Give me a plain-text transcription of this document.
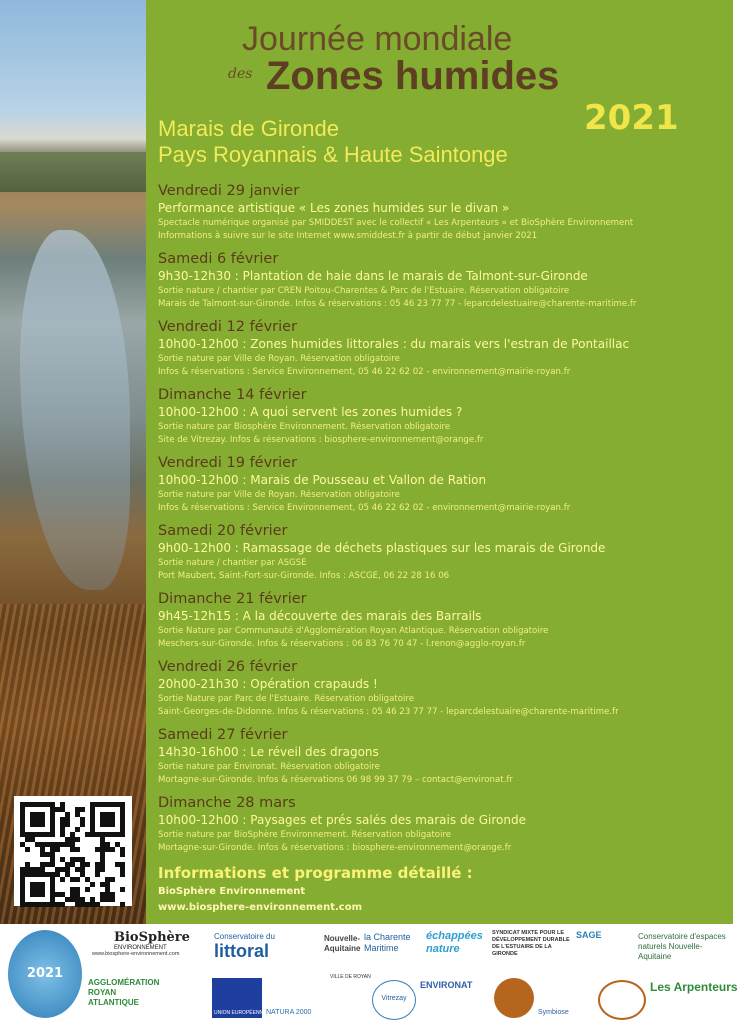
Journée mondiale
des Zones humides
2021
Marais de Gironde
Pays Royannais & Haute Saintonge
Vendredi 29 janvier
Performance artistique « Les zones humides sur le divan »
Spectacle numérique organisé par SMIDDEST avec le collectif « Les Arpenteurs » et BioSphère Environnement
Informations à suivre sur le site Internet www.smiddest.fr à partir de début janvier 2021
Samedi 6 février
9h30-12h30 : Plantation de haie dans le marais de Talmont-sur-Gironde
Sortie nature / chantier par CREN Poitou-Charentes & Parc de l'Estuaire. Réservation obligatoire
Marais de Talmont-sur-Gironde. Infos & réservations : 05 46 23 77 77 - leparcdelestuaire@charente-maritime.fr
Vendredi 12 février
10h00-12h00 : Zones humides littorales : du marais vers l'estran de Pontaillac
Sortie nature par Ville de Royan. Réservation obligatoire
Infos & réservations : Service Environnement, 05 46 22 62 02 - environnement@mairie-royan.fr
Dimanche 14 février
10h00-12h00 : A quoi servent les zones humides ?
Sortie nature par Biosphère Environnement. Réservation obligatoire
Site de Vitrezay. Infos & réservations : biosphere-environnement@orange.fr
Vendredi 19 février
10h00-12h00 : Marais de Pousseau et Vallon de Ration
Sortie nature par Ville de Royan. Réservation obligatoire
Infos & réservations : Service Environnement, 05 46 22 62 02 - environnement@mairie-royan.fr
Samedi 20 février
9h00-12h00 : Ramassage de déchets plastiques sur les marais de Gironde
Sortie nature / chantier par ASGSE
Port Maubert, Saint-Fort-sur-Gironde. Infos : ASCGE, 06 22 28 16 06
Dimanche 21 février
9h45-12h15 : A la découverte des marais des Barrails
Sortie Nature par Communauté d'Agglomération Royan Atlantique. Réservation obligatoire
Meschers-sur-Gironde. Infos & réservations : 06 83 76 70 47 - l.renon@agglo-royan.fr
Vendredi 26 février
20h00-21h30 : Opération crapauds !
Sortie Nature par Parc de l'Estuaire. Réservation obligatoire
Saint-Georges-de-Didonne. Infos & réservations : 05 46 23 77 77 - leparcdelestuaire@charente-maritime.fr
Samedi 27 février
14h30-16h00 : Le réveil des dragons
Sortie nature par Environat. Réservation obligatoire
Mortagne-sur-Gironde. Infos & réservations 06 98 99 37 79 – contact@environat.fr
Dimanche 28 mars
10h00-12h00 : Paysages et prés salés des marais de Gironde
Sortie nature par BioSphère Environnement. Réservation obligatoire
Mortagne-sur-Gironde. Infos & réservations : biosphere-environnement@orange.fr
Informations et programme détaillé :
BioSphère Environnement
www.biosphere-environnement.com
2021
BioSphère
ENVIRONNEMENT
www.biosphere-environnement.com
Conservatoire du
littoral
Nouvelle-Aquitaine
la Charente Maritime
échappées nature
SYNDICAT MIXTE POUR LE DÉVELOPPEMENT DURABLE DE L'ESTUAIRE DE LA GIRONDE
SAGE	Conservatoire d'espaces naturels Nouvelle-Aquitaine
AGGLOMÉRATION ROYAN ATLANTIQUE
UNION EUROPÉENNE NATURA 2000
VILLE DE ROYAN
Vitrezay
ENVIRONAT
Symbiose
Les Arpenteurs
